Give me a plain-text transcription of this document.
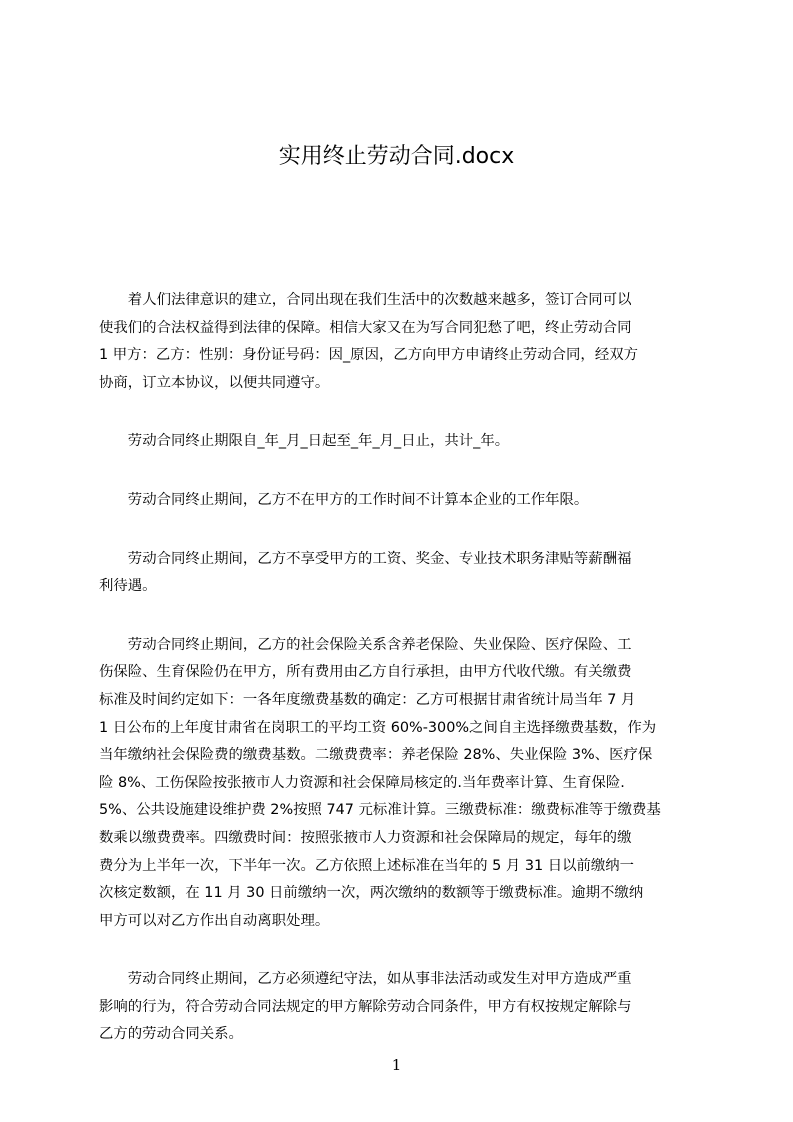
实用终止劳动合同.docx

着人们法律意识的建立，合同出现在我们生活中的次数越来越多，签订合同可以
使我们的合法权益得到法律的保障。相信大家又在为写合同犯愁了吧，终止劳动合同
1 甲方：乙方：性别：身份证号码：因_原因，乙方向甲方申请终止劳动合同，经双方
协商，订立本协议，以便共同遵守。

劳动合同终止期限自_年_月_日起至_年_月_日止，共计_年。

劳动合同终止期间，乙方不在甲方的工作时间不计算本企业的工作年限。

劳动合同终止期间，乙方不享受甲方的工资、奖金、专业技术职务津贴等薪酬福
利待遇。

劳动合同终止期间，乙方的社会保险关系含养老保险、失业保险、医疗保险、工
伤保险、生育保险仍在甲方，所有费用由乙方自行承担，由甲方代收代缴。有关缴费
标准及时间约定如下：一各年度缴费基数的确定：乙方可根据甘肃省统计局当年 7 月
1 日公布的上年度甘肃省在岗职工的平均工资 60%-300%之间自主选择缴费基数，作为
当年缴纳社会保险费的缴费基数。二缴费费率：养老保险 28%、失业保险 3%、医疗保
险 8%、工伤保险按张掖市人力资源和社会保障局核定的.当年费率计算、生育保险.
5%、公共设施建设维护费 2%按照 747 元标准计算。三缴费标准：缴费标准等于缴费基
数乘以缴费费率。四缴费时间：按照张掖市人力资源和社会保障局的规定，每年的缴
费分为上半年一次，下半年一次。乙方依照上述标准在当年的 5 月 31 日以前缴纳一
次核定数额，在 11 月 30 日前缴纳一次，两次缴纳的数额等于缴费标准。逾期不缴纳
甲方可以对乙方作出自动离职处理。

劳动合同终止期间，乙方必须遵纪守法，如从事非法活动或发生对甲方造成严重
影响的行为，符合劳动合同法规定的甲方解除劳动合同条件，甲方有权按规定解除与
乙方的劳动合同关系。

1
